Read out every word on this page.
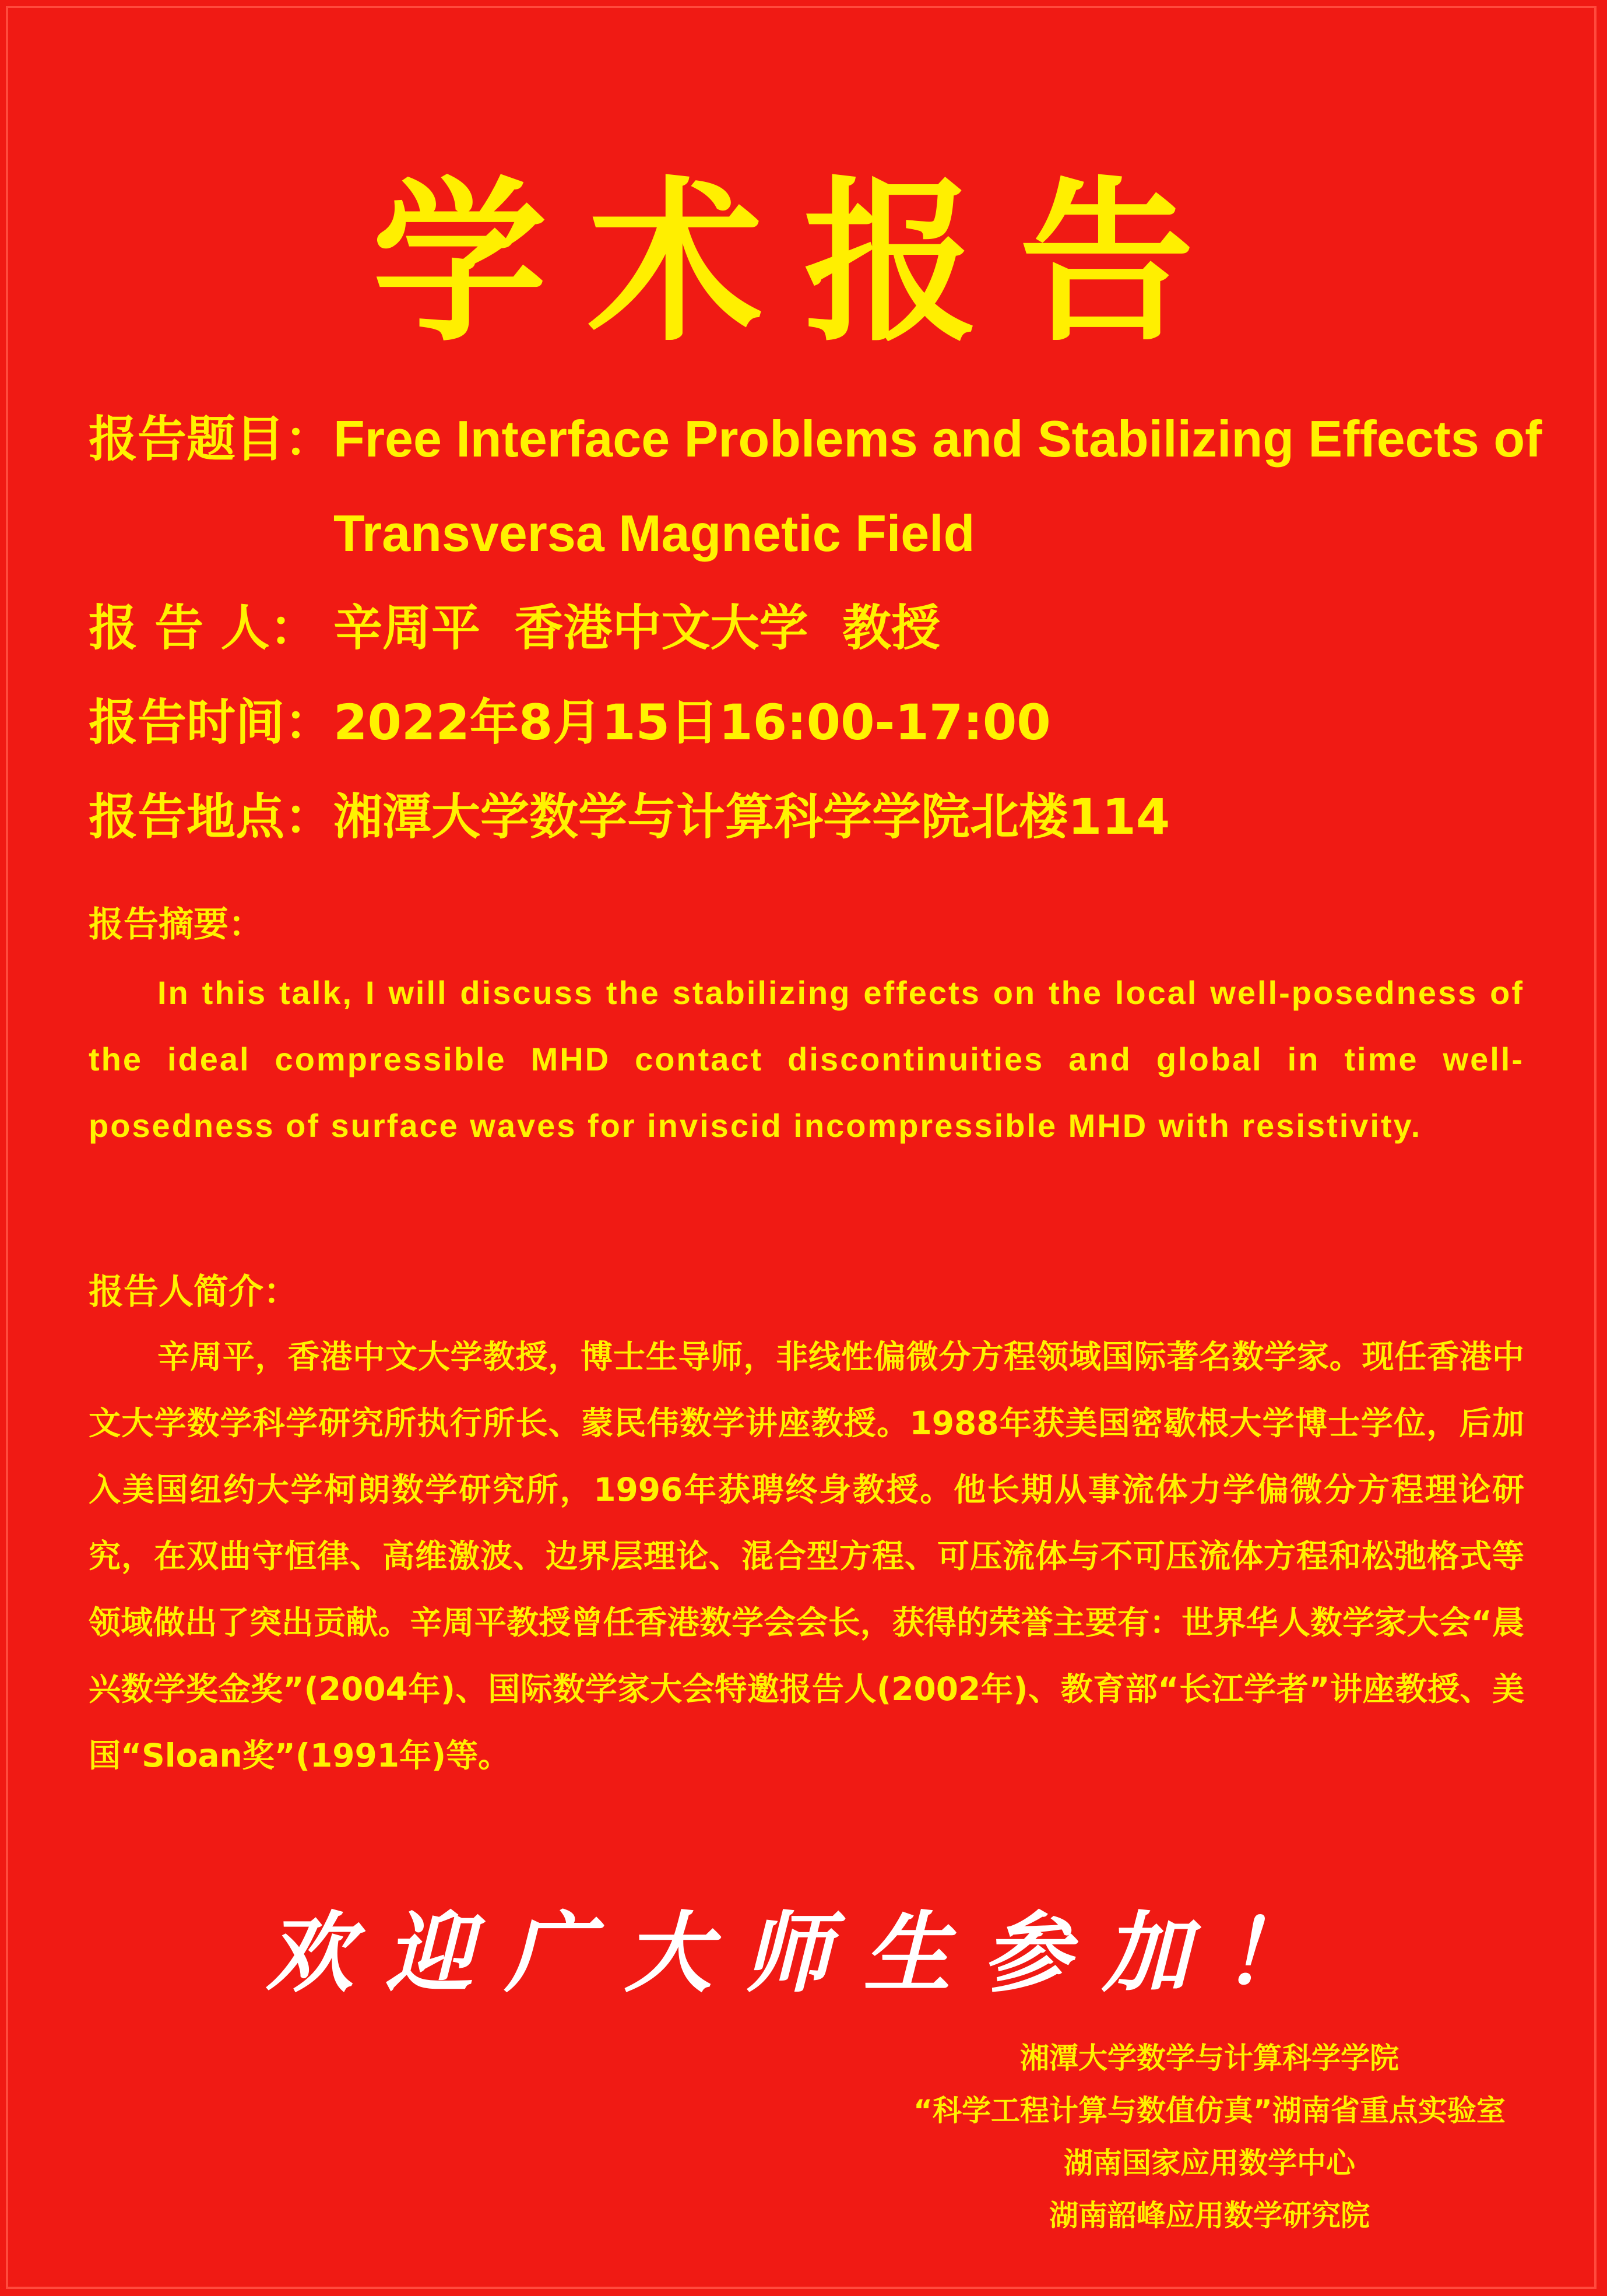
学术报告
报告题目： Free Interface Problems and Stabilizing Effects of
Transversa Magnetic Field
报 告 人： 辛周平  香港中文大学  教授
报告时间： 2022年8月15日16:00-17:00
报告地点： 湘潭大学数学与计算科学学院北楼114
报告摘要：
In this talk, I will discuss the stabilizing effects on the local well-posedness of the ideal compressible MHD contact discontinuities and global in time well-posedness of surface waves for inviscid incompressible MHD with resistivity.
报告人简介：
辛周平，香港中文大学教授，博士生导师，非线性偏微分方程领域国际著名数学家。现任香港中文大学数学科学研究所执行所长、蒙民伟数学讲座教授。1988年获美国密歇根大学博士学位，后加入美国纽约大学柯朗数学研究所，1996年获聘终身教授。他长期从事流体力学偏微分方程理论研究，在双曲守恒律、高维激波、边界层理论、混合型方程、可压流体与不可压流体方程和松弛格式等领域做出了突出贡献。辛周平教授曾任香港数学会会长，获得的荣誉主要有：世界华人数学家大会“晨兴数学奖金奖”(2004年)、国际数学家大会特邀报告人(2002年)、教育部“长江学者”讲座教授、美国“Sloan奖”(1991年)等。
欢迎广大师生参加！
湘潭大学数学与计算科学学院
“科学工程计算与数值仿真”湖南省重点实验室
湖南国家应用数学中心
湖南韶峰应用数学研究院
